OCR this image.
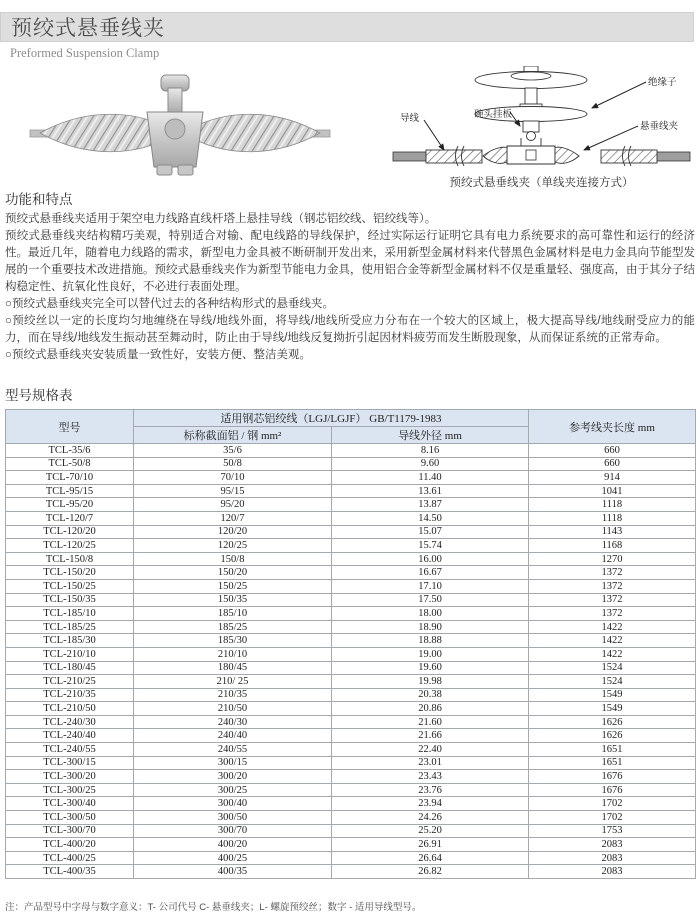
预绞式悬垂线夹
Preformed Suspension Clamp
导线	碗头挂板
绝缘子
悬垂线夹
预绞式悬垂线夹（单线夹连接方式）
功能和特点

预绞式悬垂线夹适用于架空电力线路直线杆塔上悬挂导线（钢芯铝绞线、铝绞线等）。

预绞式悬垂线夹结构精巧美观，特别适合对输、配电线路的导线保护，经过实际运行证明它具有电力系统要求的高可靠性和运行的经济性。最近几年，随着电力线路的需求，新型电力金具被不断研制开发出来，采用新型金属材料来代替黑色金属材料是电力金具向节能型发展的一个重要技术改进措施。预绞式悬垂线夹作为新型节能电力金具，使用铝合金等新型金属材料不仅是重量轻、强度高，由于其分子结构稳定性、抗氧化性良好，不必进行表面处理。

○预绞式悬垂线夹完全可以替代过去的各种结构形式的悬垂线夹。

○预绞丝以一定的长度均匀地缠绕在导线/地线外面，将导线/地线所受应力分布在一个较大的区域上，极大提高导线/地线耐受应力的能力，而在导线/地线发生振动甚至舞动时，防止由于导线/地线反复拗折引起因材料疲劳而发生断股现象，从而保证系统的正常寿命。

○预绞式悬垂线夹安装质量一致性好，安装方便、整洁美观。

型号规格表
型号	适用钢芯铝绞线（LGJ/LGJF） GB/T1179-1983		参考线夹长度 mm
	标称截面铝 / 钢 mm²	导线外径 mm	
TCL-35/6	35/6	8.16	660
TCL-50/8	50/8	9.60	660
TCL-70/10	70/10	11.40	914
TCL-95/15	95/15	13.61	1041
TCL-95/20	95/20	13.87	1118
TCL-120/7	120/7	14.50	1118
TCL-120/20	120/20	15.07	1143
TCL-120/25	120/25	15.74	1168
TCL-150/8	150/8	16.00	1270
TCL-150/20	150/20	16.67	1372
TCL-150/25	150/25	17.10	1372
TCL-150/35	150/35	17.50	1372
TCL-185/10	185/10	18.00	1372
TCL-185/25	185/25	18.90	1422
TCL-185/30	185/30	18.88	1422
TCL-210/10	210/10	19.00	1422
TCL-180/45	180/45	19.60	1524
TCL-210/25	210/ 25	19.98	1524
TCL-210/35	210/35	20.38	1549
TCL-210/50	210/50	20.86	1549
TCL-240/30	240/30	21.60	1626
TCL-240/40	240/40	21.66	1626
TCL-240/55	240/55	22.40	1651
TCL-300/15	300/15	23.01	1651
TCL-300/20	300/20	23.43	1676
TCL-300/25	300/25	23.76	1676
TCL-300/40	300/40	23.94	1702
TCL-300/50	300/50	24.26	1702
TCL-300/70	300/70	25.20	1753
TCL-400/20	400/20	26.91	2083
TCL-400/25	400/25	26.64	2083
TCL-400/35	400/35	26.82	2083

注：产品型号中字母与数字意义：T- 公司代号 C- 悬垂线夹；L- 螺旋预绞丝；数字 - 适用导线型号。
